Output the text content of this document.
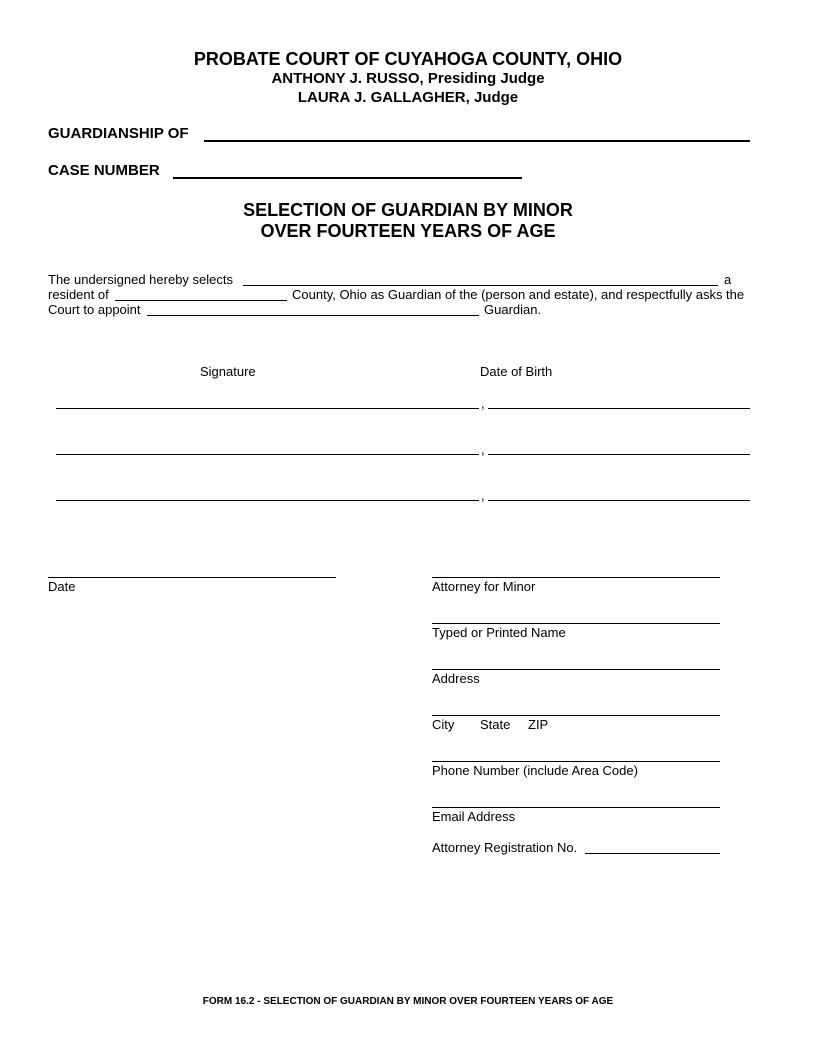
PROBATE COURT OF CUYAHOGA COUNTY, OHIO
ANTHONY J. RUSSO, Presiding Judge
LAURA J. GALLAGHER, Judge
GUARDIANSHIP OF
CASE NUMBER
SELECTION OF GUARDIAN BY MINOR
OVER FOURTEEN YEARS OF AGE
The undersigned hereby selects	a
resident of	County, Ohio as Guardian of the (person and estate), and respectfully asks the
Court to appoint	Guardian.
Signature	Date of Birth
,
,
,
Date	Attorney for Minor
Typed or Printed Name
Address
City State ZIP
Phone Number (include Area Code)
Email Address
Attorney Registration No.
FORM 16.2 - SELECTION OF GUARDIAN BY MINOR OVER FOURTEEN YEARS OF AGE
